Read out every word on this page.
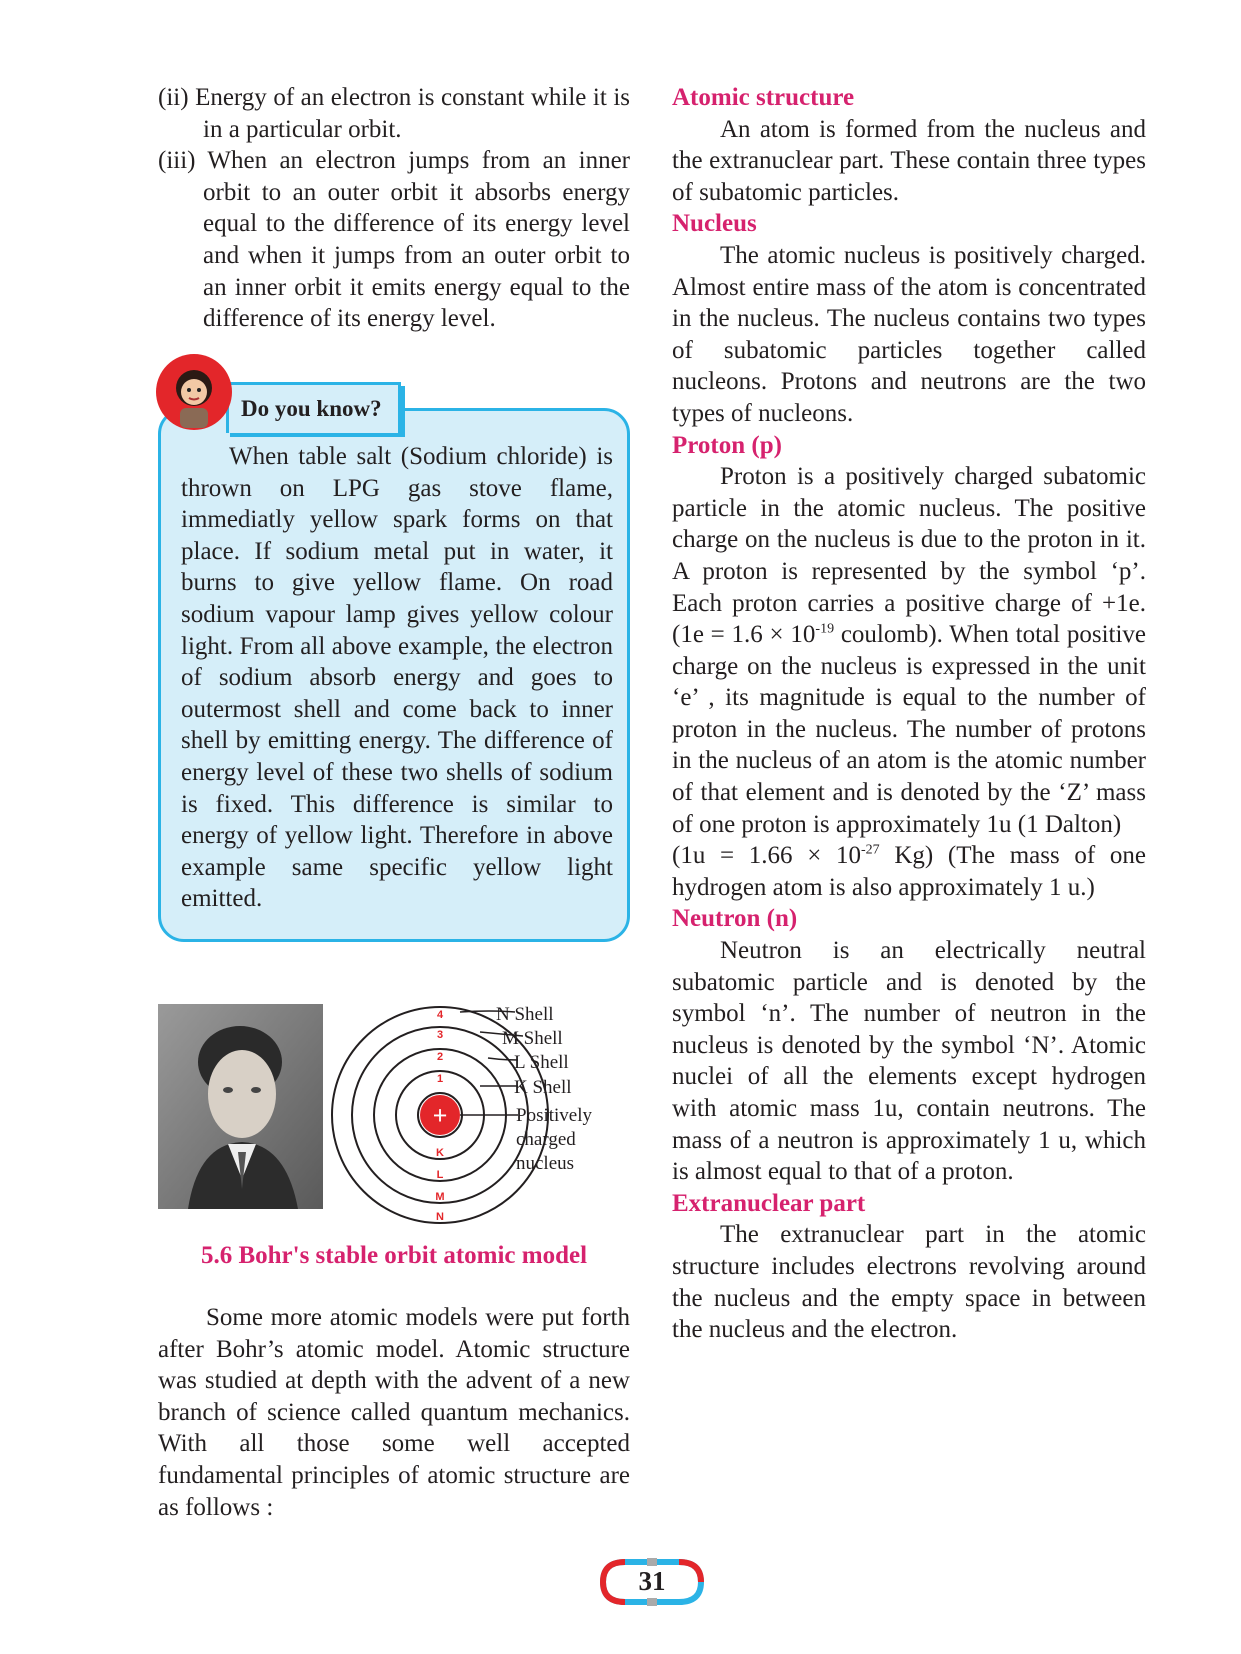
(ii) Energy of an electron is constant while it is in a particular orbit.

(iii) When an electron jumps from an inner orbit to an outer orbit it absorbs energy equal to the difference of its energy level and when it jumps from an outer orbit to an inner orbit it emits energy equal to the difference of its energy level.

When table salt (Sodium chloride) is thrown on LPG gas stove flame, immediatly yellow spark forms on that place. If sodium metal put in water, it burns to give yellow flame. On road sodium vapour lamp gives yellow colour light. From all above example, the electron of sodium absorb energy and goes to outermost shell and come back to inner shell by emitting energy. The difference of energy level of these two shells of sodium is fixed. This difference is similar to energy of yellow light. Therefore in above example same specific yellow light emitted.

Do you know?
+
4
3
2
1
K
L
M
N
N Shell
M Shell
L Shell
K Shell
Positively
charged
nucleus
5.6 Bohr's stable orbit atomic model

Some more atomic models were put forth after Bohr’s atomic model. Atomic structure was studied at depth with the advent of a new branch of science called quantum mechanics. With all those some well accepted fundamental principles of atomic structure are as follows :

Atomic structure

An atom is formed from the nucleus and the extranuclear part. These contain three types of subatomic particles.

Nucleus

The atomic nucleus is positively charged. Almost entire mass of the atom is concentrated in the nucleus. The nucleus contains two types of subatomic particles together called nucleons. Protons and neutrons are the two types of nucleons.

Proton (p)

Proton is a positively charged subatomic particle in the atomic nucleus. The positive charge on the nucleus is due to the proton in it. A proton is represented by the symbol ‘p’. Each proton carries a positive charge of +1e. ($1e = 1.6 \times 10^{-19}$ coulomb). When total positive charge on the nucleus is expressed in the unit ‘e’ , its magnitude is equal to the number of proton in the nucleus. The number of protons in the nucleus of an atom is the atomic number of that element and is denoted by the ‘Z’ mass of one proton is approximately 1u (1 Dalton)

($1u = 1.66 \times 10^{-27}$ Kg) (The mass of one hydrogen atom is also approximately 1 u.)

Neutron (n)

Neutron is an electrically neutral subatomic particle and is denoted by the symbol ‘n’. The number of neutron in the nucleus is denoted by the symbol ‘N’. Atomic nuclei of all the elements except hydrogen with atomic mass 1u, contain neutrons. The mass of a neutron is approximately 1 u, which is almost equal to that of a proton.

Extranuclear part

The extranuclear part in the atomic structure includes electrons revolving around the nucleus and the empty space in between the nucleus and the electron.

31
